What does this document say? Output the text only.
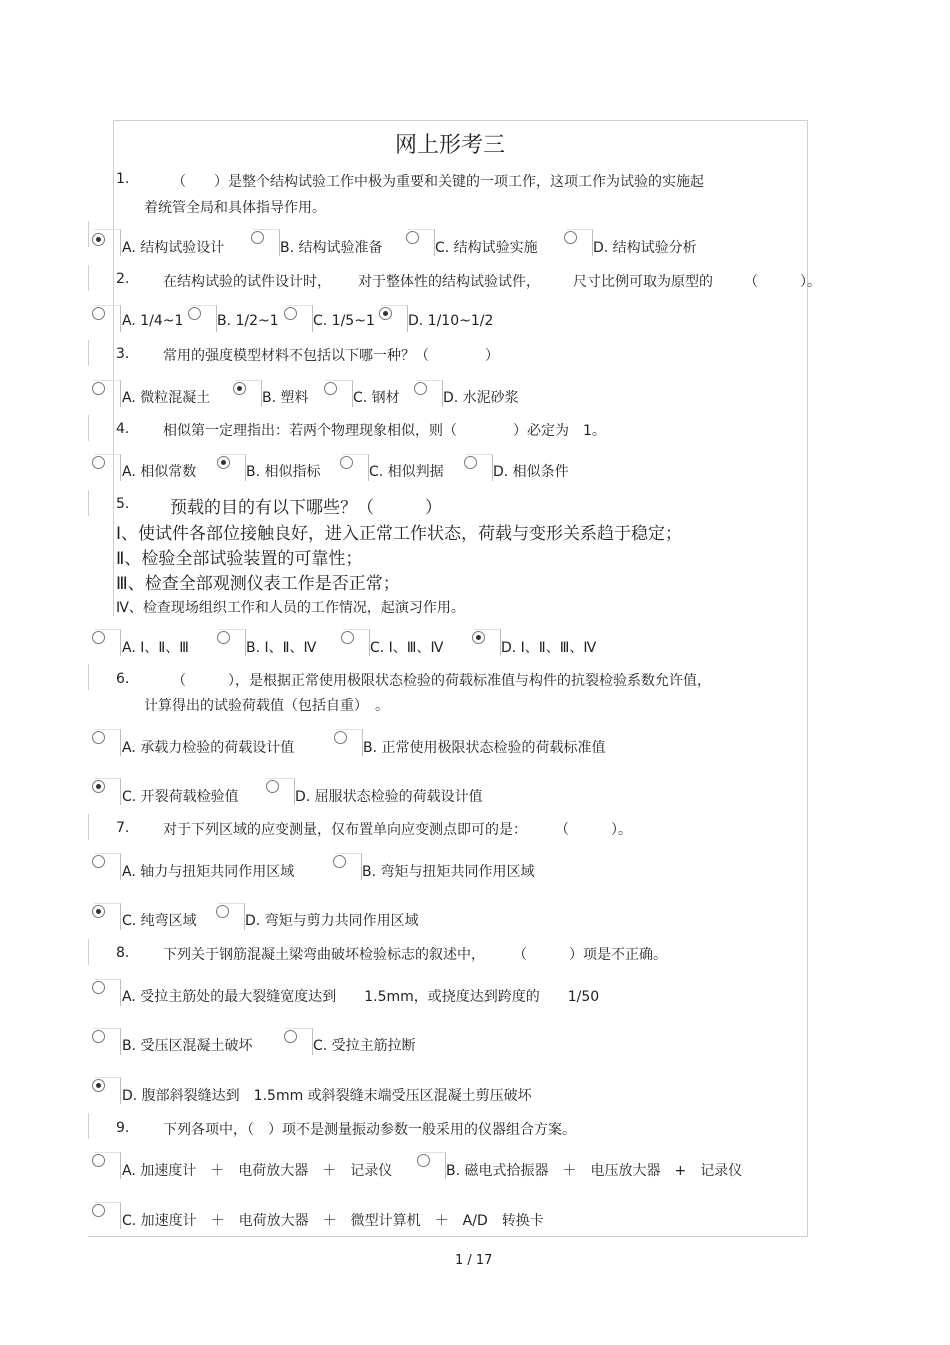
网上形考三
1.	（　　）是整个结构试验工作中极为重要和关键的一项工作，这项工作为试验的实施起
着统管全局和具体指导作用。
A. 结构试验设计	B. 结构试验准备	C. 结构试验实施	D. 结构试验分析
2. 在结构试验的试件设计时， 对于整体性的结构试验试件， 尺寸比例可取为原型的 （　　　）。
A. 1/4~1 B. 1/2~1 C. 1/5~1 D. 1/10~1/2
3. 常用的强度模型材料不包括以下哪一种？（　　　　）
A. 微粒混凝土	B. 塑料	C. 钢材	D. 水泥砂浆
4. 相似第一定理指出：若两个物理现象相似，则（　　　　）必定为　1。
A. 相似常数	B. 相似指标	C. 相似判据	D. 相似条件
5. 预载的目的有以下哪些？（　　　）
Ⅰ、使试件各部位接触良好，进入正常工作状态，荷载与变形关系趋于稳定；
Ⅱ、检验全部试验装置的可靠性；
Ⅲ、检查全部观测仪表工作是否正常；
Ⅳ、检查现场组织工作和人员的工作情况，起演习作用。
A. Ⅰ、Ⅱ、Ⅲ	B. Ⅰ、Ⅱ、Ⅳ	C. Ⅰ、Ⅲ、Ⅳ	D. Ⅰ、Ⅱ、Ⅲ、Ⅳ
6.	（　　　），是根据正常使用极限状态检验的荷载标准值与构件的抗裂检验系数允许值，
计算得出的试验荷载值（包括自重）　。
A. 承载力检验的荷载设计值	B. 正常使用极限状态检验的荷载标准值
C. 开裂荷载检验值	D. 屈服状态检验的荷载设计值
7. 对于下列区域的应变测量，仅布置单向应变测点即可的是：　　　（　　　）。
A. 轴力与扭矩共同作用区域	B. 弯矩与扭矩共同作用区域
C. 纯弯区域	D. 弯矩与剪力共同作用区域
8. 下列关于钢筋混凝土梁弯曲破坏检验标志的叙述中，　　　（　　　）项是不正确。
A. 受拉主筋处的最大裂缝宽度达到　　1.5mm，或挠度达到跨度的　　1/50
B. 受压区混凝土破坏	C. 受拉主筋拉断
D. 腹部斜裂缝达到　1.5mm 或斜裂缝末端受压区混凝土剪压破坏
9. 下列各项中，（　）项不是测量振动参数一般采用的仪器组合方案。
A. 加速度计　＋　电荷放大器　＋　记录仪	B. 磁电式拾振器　＋　电压放大器　+　记录仪
C. 加速度计　＋　电荷放大器　＋　微型计算机　＋　A/D　转换卡
1 / 17
